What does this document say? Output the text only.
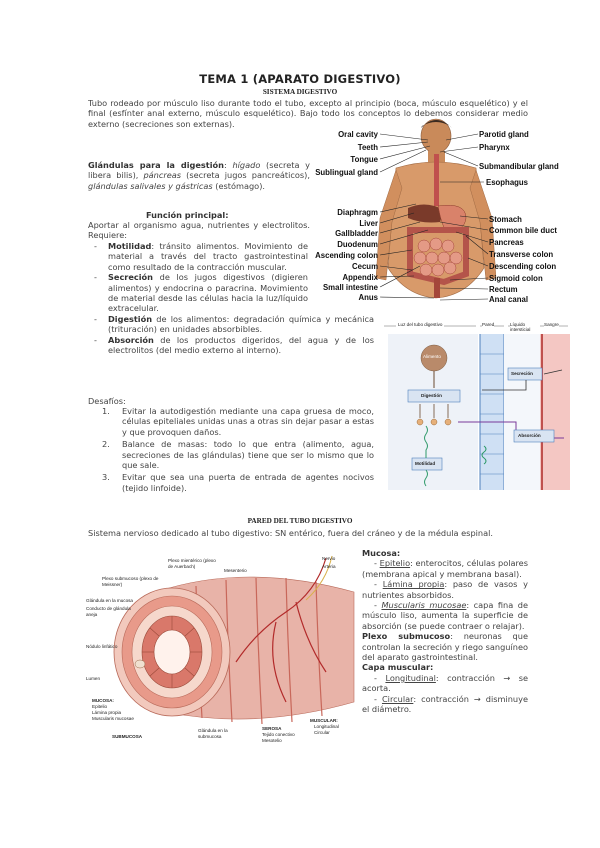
TEMA 1 (APARATO DIGESTIVO)
SISTEMA DIGESTIVO
Tubo rodeado por músculo liso durante todo el tubo, excepto al principio (boca, músculo esquelético) y el final (esfínter anal externo, músculo esquelético). Bajo todo los conceptos lo debemos considerar medio externo (secreciones son externas).
Glándulas para la digestión: hígado (secreta y libera bilis), páncreas (secreta jugos pancreáticos), glándulas salivales y gástricas (estómago).
Función principal:
Aportar al organismo agua, nutrientes y electrolitos. Requiere:
- Motilidad: tránsito alimentos. Movimiento de material a través del tracto gastrointestinal como resultado de la contracción muscular.
- Secreción de los jugos digestivos (digieren alimentos) y endocrina o paracrina. Movimiento de material desde las células hacia la luz/líquido extracelular.
- Digestión de los alimentos: degradación química y mecánica (trituración) en unidades absorbibles.
- Absorción de los productos digeridos, del agua y de los electrolitos (del medio externo al interno).
Desafíos:
1. Evitar la autodigestión mediante una capa gruesa de moco, células epiteliales unidas unas a otras sin dejar pasar a estas y que provoquen daños.
2. Balance de masas: todo lo que entra (alimento, agua, secreciones de las glándulas) tiene que ser lo mismo que lo que sale.
3. Evitar que sea una puerta de entrada de agentes nocivos (tejido linfoide).
Oral cavity
Teeth
Tongue
Sublingual gland
Diaphragm
Liver
Gallbladder
Duodenum
Ascending colon
Cecum
Appendix
Small intestine
Anus
Parotid gland
Pharynx
Submandibular gland
Esophagus
Stomach
Common bile duct
Pancreas
Transverse colon
Descending colon
Sigmoid colon
Rectum
Anal canal
Luz del tubo digestivo	Pared	Líquido intersticial
Sangre
Alimento
Secreción
Digestión
Absorción
Motilidad
PARED DEL TUBO DIGESTIVO
Sistema nervioso dedicado al tubo digestivo: SN entérico, fuera del cráneo y de la médula espinal.
Plexo submucoso (plexo de Meissner)
Plexo mientérico (plexo de Auerbach)
Mesenterio
Nervio
Arteria
Glándula en la mucosa
Conducto de glándula aneja
Nódulo linfático
Lumen
MUCOSA:
Epitelio
Lámina propia
Muscularis mucosae
SUBMUCOSA
Glándula en la submucosa
SEROSA
Tejido conectivo
Mesotelio
MUSCULAR:
Longitudinal
Circular
Mucosa:
- Epitelio: enterocitos, células polares (membrana apical y membrana basal).
- Lámina propia: paso de vasos y nutrientes absorbidos.
- Muscularis mucosae: capa fina de músculo liso, aumenta la superficie de absorción (se puede contraer o relajar).
Plexo submucoso: neuronas que controlan la secreción y riego sanguíneo del aparato gastrointestinal.
Capa muscular:
- Longitudinal: contracción → se acorta.
- Circular: contracción → disminuye el diámetro.
